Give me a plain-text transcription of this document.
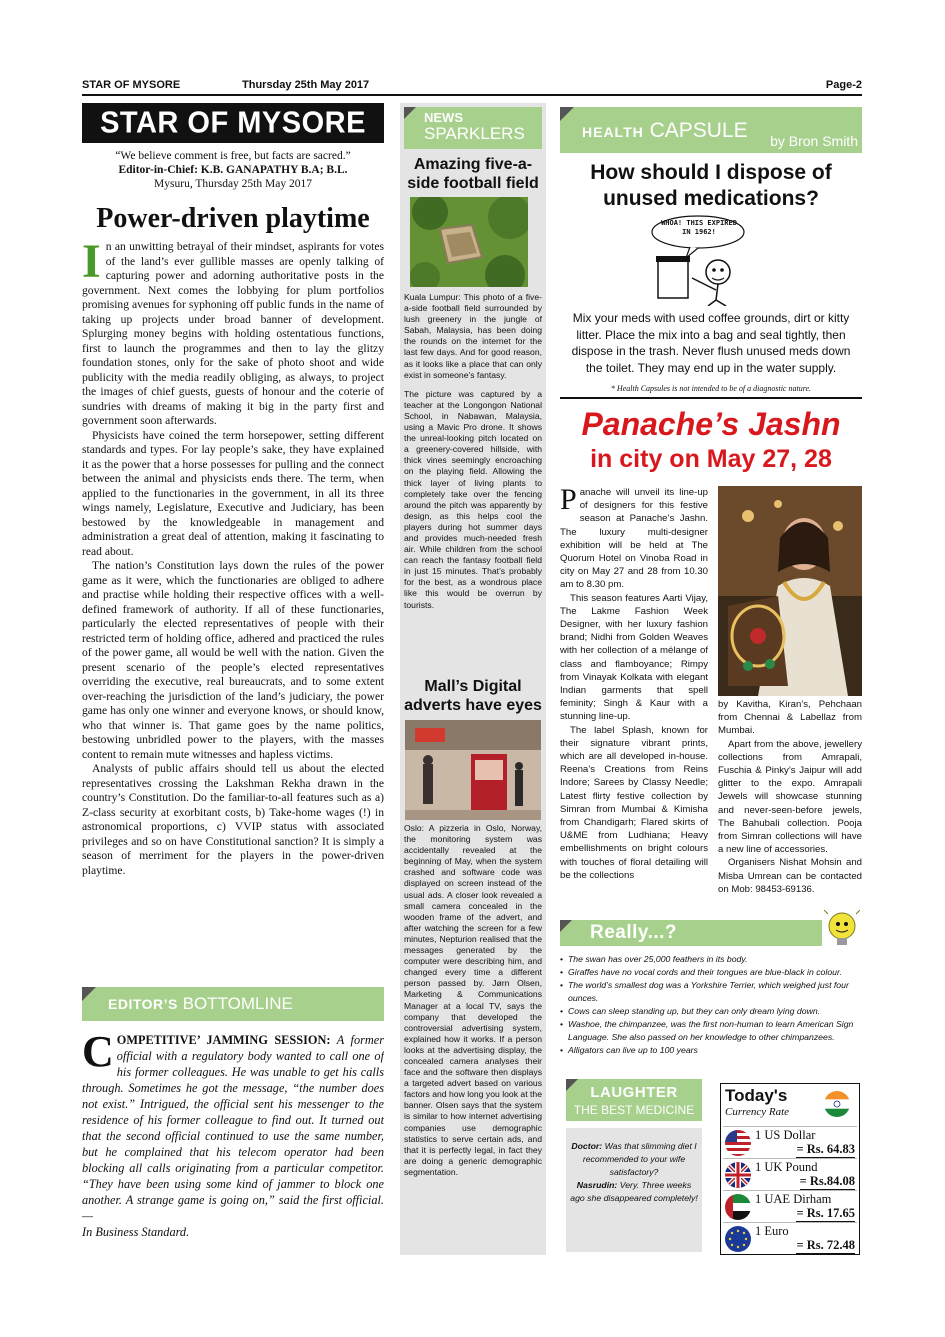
STAR OF MYSORE	Thursday 25th May 2017	Page-2
STAR OF MYSORE
“We believe comment is free, but facts are sacred.”
Editor-in-Chief: K.B. GANAPATHY B.A; B.L.
Mysuru, Thursday 25th May 2017
Power-driven playtime

In an unwitting betrayal of their mindset, aspirants for votes of the land’s ever gullible masses are openly talking of capturing power and adorning authoritative posts in the government. Next comes the lobbying for plum portfolios promising avenues for syphoning off public funds in the name of taking up projects under broad banner of development. Splurging money begins with holding ostentatious functions, first to launch the programmes and then to lay the glitzy foundation stones, only for the sake of photo shoot and wide publicity with the media readily obliging, as always, to project the images of chief guests, guests of honour and the coterie of sundries with dreams of making it big in the party first and government soon afterwards.

Physicists have coined the term horsepower, setting different standards and types. For lay people’s sake, they have explained it as the power that a horse possesses for pulling and the connect between the animal and physicists ends there. The term, when applied to the functionaries in the government, in all its three wings namely, Legislature, Executive and Judiciary, has been bestowed by the knowledgeable in management and administration a great deal of attention, making it fascinating to read about.

The nation’s Constitution lays down the rules of the power game as it were, which the functionaries are obliged to adhere and practise while holding their respective offices with a well-defined framework of authority. If all of these functionaries, particularly the elected representatives of people with their restricted term of holding office, adhered and practiced the rules of the power game, all would be well with the nation. Given the present scenario of the people’s elected representatives overriding the executive, real bureaucrats, and to some extent over-reaching the jurisdiction of the land’s judiciary, the power game has only one winner and everyone knows, or should know, who that winner is. That game goes by the name politics, bestowing unbridled power to the players, with the masses content to remain mute witnesses and hapless victims.

Analysts of public affairs should tell us about the elected representatives crossing the Lakshman Rekha drawn in the country’s Constitution. Do the familiar-to-all features such as a) Z-class security at exorbitant costs, b) Take-home wages (!) in astronomical proportions, c) VVIP status with associated privileges and so on have Constitutional sanction? It is simply a season of merriment for the players in the power-driven playtime.

EDITOR’S BOTTOMLINE
COMPETITIVE’ JAMMING SESSION: A former official with a regulatory body wanted to call one of his former colleagues. He was unable to get his calls through. Sometimes he got the message, “the number does not exist.” Intrigued, the official sent his messenger to the residence of his former colleague to find out. It turned out that the second official continued to use the same number, but he complained that his telecom operator had been blocking all calls originating from a particular competitor. “They have been using some kind of jammer to block one another. A strange game is going on,” said the first official. —
In Business Standard.
NEWS
SPARKLERS
Amazing five-a-side football field

Kuala Lumpur: This photo of a five-a-side football field surrounded by lush greenery in the jungle of Sabah, Malaysia, has been doing the rounds on the internet for the last few days. And for good reason, as it looks like a place that can only exist in someone’s fantasy.

The picture was captured by a teacher at the Longongon National School, in Nabawan, Malaysia, using a Mavic Pro drone. It shows the unreal-looking pitch located on a greenery-covered hillside, with thick vines seemingly encroaching on the playing field. Allowing the thick layer of living plants to completely take over the fencing around the pitch was apparently by design, as this helps cool the players during hot summer days and provides much-needed fresh air. While children from the school can reach the fantasy football field in just 15 minutes. That’s probably for the best, as a wondrous place like this would be overrun by tourists.

Mall’s Digital adverts have eyes

Oslo: A pizzeria in Oslo, Norway, the monitoring system was accidentally revealed at the beginning of May, when the system crashed and software code was displayed on screen instead of the usual ads. A closer look revealed a small camera concealed in the wooden frame of the advert, and after watching the screen for a few minutes, Nepturion realised that the messages generated by the computer were describing him, and changed every time a different person passed by. Jørn Olsen, Marketing & Communications Manager at a local TV, says the company that developed the controversial advertising system, explained how it works. If a person looks at the advertising display, the concealed camera analyses their face and the software then displays a targeted advert based on various factors and how long you look at the banner. Olsen says that the system is similar to how internet advertising companies use demographic statistics to serve certain ads, and that it is perfectly legal, in fact they are doing a generic demographic segmentation.

HEALTH CAPSULE by Bron Smith
How should I dispose of unused medications?
WHOA! THIS EXPIRED IN 1962!
Mix your meds with used coffee grounds, dirt or kitty litter. Place the mix into a bag and seal tightly, then dispose in the trash. Never flush unused meds down the toilet. They may end up in the water supply.
* Health Capsules is not intended to be of a diagnostic nature.
Panache’s Jashn
in city on May 27, 28

Panache will unveil its line-up of designers for this festive season at Panache’s Jashn. The luxury multi-designer exhibition will be held at The Quorum Hotel on Vinoba Road in city on May 27 and 28 from 10.30 am to 8.30 pm.

This season features Aarti Vijay, The Lakme Fashion Week Designer, with her luxury fashion brand; Nidhi from Golden Weaves with her collection of a mélange of class and flamboyance; Rimpy from Vinayak Kolkata with elegant Indian garments that spell feminity; Singh & Kaur with a stunning line-up.

The label Splash, known for their signature vibrant prints, which are all developed in-house. Reena’s Creations from Reins Indore; Sarees by Classy Needle; Latest flirty festive collection by Simran from Mumbai & Kimisha from Chandigarh; Flared skirts of U&ME from Ludhiana; Heavy embellishments on bright colours with touches of floral detailing will be the collections

by Kavitha, Kiran’s, Pehchaan from Chennai & Labellaz from Mumbai.

Apart from the above, jewellery collections from Amrapali, Fuschia & Pinky’s Jaipur will add glitter to the expo. Amrapali Jewels will showcase stunning and never-seen-before jewels, The Bahubali collection. Pooja from Simran collections will have a new line of accessories.

Organisers Nishat Mohsin and Misba Umrean can be contacted on Mob: 98453-69136.

Really...?
• The swan has over 25,000 feathers in its body.
• Giraffes have no vocal cords and their tongues are blue-black in colour.
• The world’s smallest dog was a Yorkshire Terrier, which weighed just four ounces.
• Cows can sleep standing up, but they can only dream lying down.
• Washoe, the chimpanzee, was the first non-human to learn American Sign Language. She also passed on her knowledge to other chimpanzees.
• Alligators can live up to 100 years
LAUGHTER
THE BEST MEDICINE
Doctor: Was that slimming diet I recommended to your wife satisfactory?
Nasrudin: Very. Three weeks ago she disappeared completely!
Today's
Currency Rate
1 US Dollar
= Rs. 64.83
1 UK Pound
= Rs.84.08
1 UAE Dirham
= Rs. 17.65
1 Euro
= Rs. 72.48
